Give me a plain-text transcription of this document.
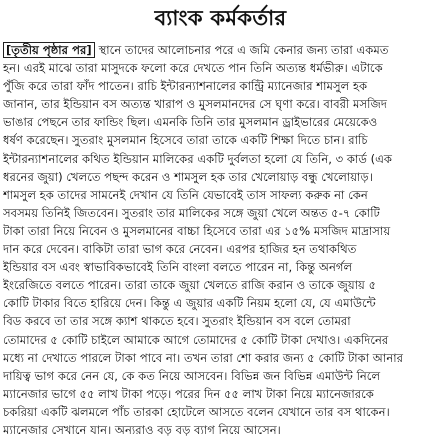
ব্যাংক কর্মকর্তার
[তৃতীয় পৃষ্ঠার পর] স্থানে তাদের আলোচনার পরে এ জমি কেনার জন্য তারা একমত
হন। এরই মাঝে তারা মাসুদকে ফলো করে দেখতে পান তিনি অত্যন্ত ধর্মভীরু। এটাকে
পুঁজি করে তারা ফাঁদ পাতেন। রাচি ইন্টারন্যাশনালের কান্ট্রি ম্যানেজার শামসুল হক
জানান, তার ইন্ডিয়ান বস অত্যন্ত খারাপ ও মুসলমানদের সে ঘৃণা করে। বাবরী মসজিদ
ভাঙার পেছনে তার ফান্ডিং ছিল। এমনকি তিনি তার মুসলমান ড্রাইভারের মেয়েকেও
ধর্ষণ করেছেন। সুতরাং মুসলমান হিসেবে তারা তাকে একটি শিক্ষা দিতে চান। রাচি
ইন্টারন্যাশনালের কথিত ইন্ডিয়ান মালিকের একটি দুর্বলতা হলো যে তিনি, ৩ কার্ড (এক
ধরনের জুয়া) খেলতে পছন্দ করেন ও শামসুল হক তার খেলোয়াড় বন্ধু খেলোয়াড়।
শামসুল হক তাদের সামনেই দেখান যে তিনি যেভাবেই তাস সাফল্য করুক না কেন
সবসময় তিনিই জিতবেন। সুতরাং তার মালিকের সঙ্গে জুয়া খেলে অন্তত ৫-৭ কোটি
টাকা তারা নিয়ে নিবেন ও মুসলমানের বাচ্চা হিসেবে তারা এর ১৫% মসজিদ মাদ্রাসায়
দান করে দেবেন। বাকিটা তারা ভাগ করে নেবেন। এরপর হাজির হন তথাকথিত
ইন্ডিয়ার বস এবং স্বাভাবিকভাবেই তিনি বাংলা বলতে পারেন না, কিন্তু অনর্গল
ইংরেজিতে বলতে পারেন। তারা তাকে জুয়া খেলতে রাজি করান ও তাকে জুয়ায় ৫
কোটি টাকার বিতে হারিয়ে দেন। কিন্তু এ জুয়ার একটি নিয়ম হলো যে, যে এমাউন্টে
বিড করবে তা তার সঙ্গে ক্যাশ থাকতে হবে। সুতরাং ইন্ডিয়ান বস বলে তোমরা
তোমাদের ৫ কোটি চাইলে আমাকে আগে তোমাদের ৫ কোটি টাকা দেখাও। একদিনের
মধ্যে না দেখাতে পারলে টাকা পাবে না। তখন তারা শো করার জন্য ৫ কোটি টাকা আনার
দায়িত্ব ভাগ করে নেন যে, কে কত নিয়ে আসবেন। বিভিন্ন জন বিভিন্ন এমাউন্ট নিলে
ম্যানেজার ভাগে ৫৫ লাখ টাকা পড়ে। পরের দিন ৫৫ লাখ টাকা নিয়ে ম্যানেজারকে
চকরিয়া একটি ঝলমলে পাঁচ তারকা হোটেলে আসতে বলেন যেখানে তার বস থাকেন।
ম্যানেজার সেখানে যান। অন্যরাও বড় বড় ব্যাগ নিয়ে আসেন।
